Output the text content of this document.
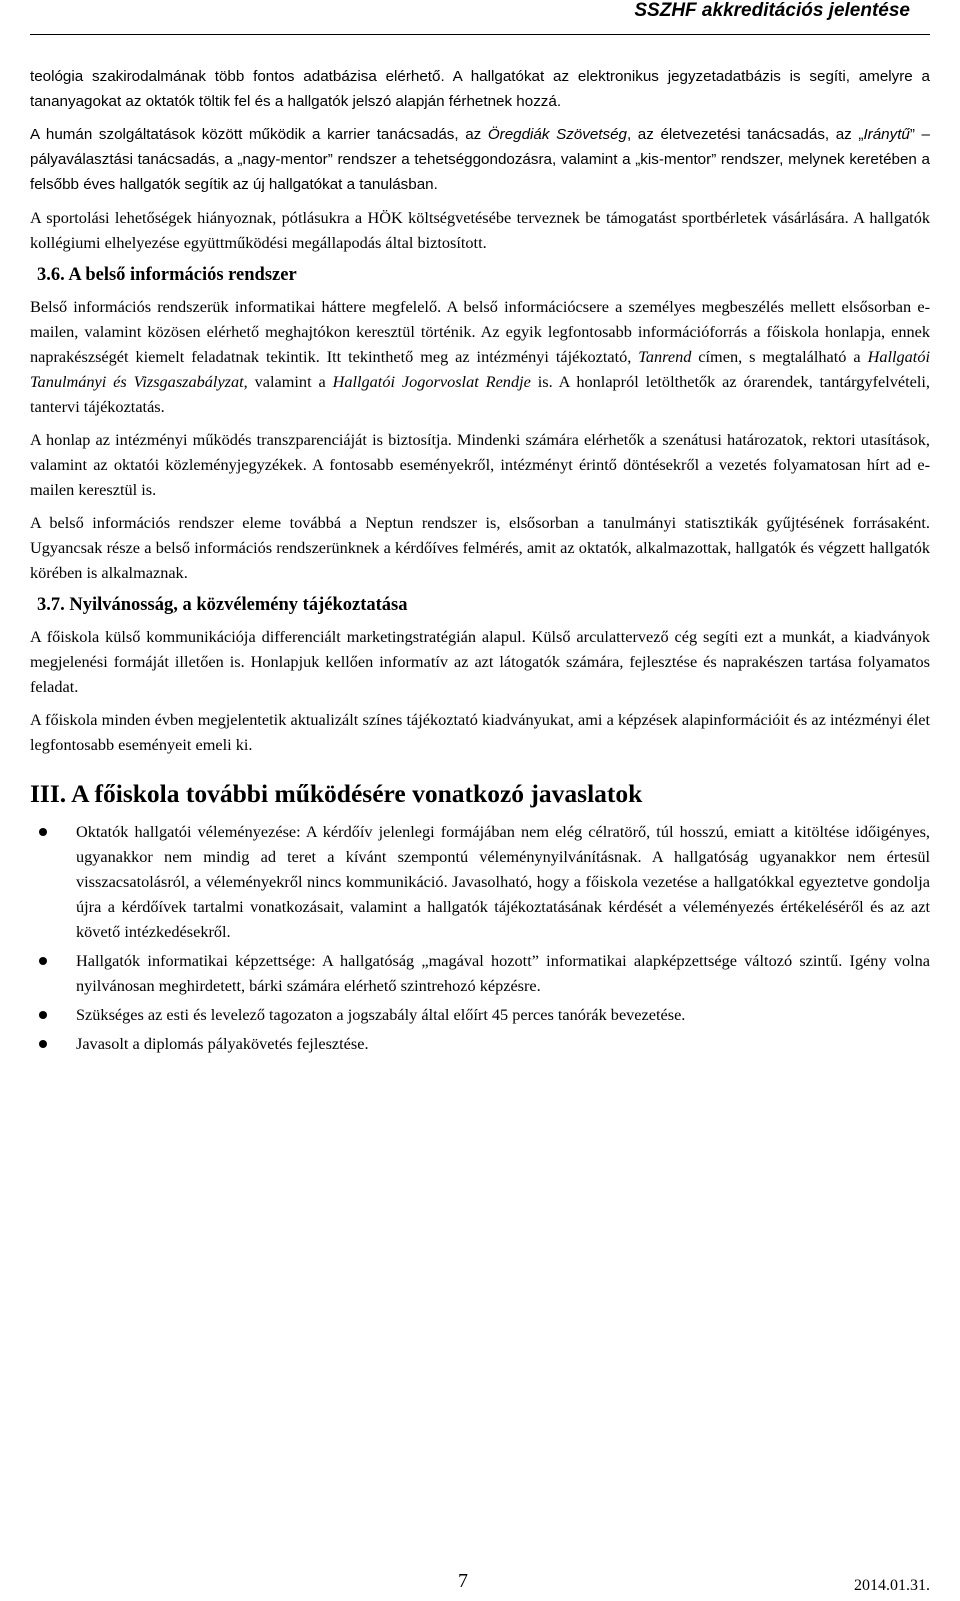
SSZHF akkreditációs jelentése

teológia szakirodalmának több fontos adatbázisa elérhető. A hallgatókat az elektronikus jegyzetadatbázis is segíti, amelyre a tananyagokat az oktatók töltik fel és a hallgatók jelszó alapján férhetnek hozzá.

A humán szolgáltatások között működik a karrier tanácsadás, az Öregdiák Szövetség, az életvezetési tanácsadás, az „Iránytű” – pályaválasztási tanácsadás, a „nagy-mentor” rendszer a tehetséggondozásra, valamint a „kis-mentor” rendszer, melynek keretében a felsőbb éves hallgatók segítik az új hallgatókat a tanulásban.

A sportolási lehetőségek hiányoznak, pótlásukra a HÖK költségvetésébe terveznek be támogatást sportbérletek vásárlására. A hallgatók kollégiumi elhelyezése együttműködési megállapodás által biztosított.

3.6. A belső információs rendszer

Belső információs rendszerük informatikai háttere megfelelő. A belső információcsere a személyes megbeszélés mellett elsősorban e-mailen, valamint közösen elérhető meghajtókon keresztül történik. Az egyik legfontosabb információforrás a főiskola honlapja, ennek naprakészségét kiemelt feladatnak tekintik. Itt tekinthető meg az intézményi tájékoztató, Tanrend címen, s megtalálható a Hallgatói Tanulmányi és Vizsgaszabályzat, valamint a Hallgatói Jogorvoslat Rendje is. A honlapról letölthetők az órarendek, tantárgyfelvételi, tantervi tájékoztatás.

A honlap az intézményi működés transzparenciáját is biztosítja. Mindenki számára elérhetők a szenátusi határozatok, rektori utasítások, valamint az oktatói közleményjegyzékek. A fontosabb eseményekről, intézményt érintő döntésekről a vezetés folyamatosan hírt ad e-mailen keresztül is.

A belső információs rendszer eleme továbbá a Neptun rendszer is, elsősorban a tanulmányi statisztikák gyűjtésének forrásaként. Ugyancsak része a belső információs rendszerünknek a kérdőíves felmérés, amit az oktatók, alkalmazottak, hallgatók és végzett hallgatók körében is alkalmaznak.

3.7. Nyilvánosság, a közvélemény tájékoztatása

A főiskola külső kommunikációja differenciált marketingstratégián alapul. Külső arculattervező cég segíti ezt a munkát, a kiadványok megjelenési formáját illetően is. Honlapjuk kellően informatív az azt látogatók számára, fejlesztése és naprakészen tartása folyamatos feladat.

A főiskola minden évben megjelentetik aktualizált színes tájékoztató kiadványukat, ami a képzések alapinformációit és az intézményi élet legfontosabb eseményeit emeli ki.

III. A főiskola további működésére vonatkozó javaslatok
Oktatók hallgatói véleményezése: A kérdőív jelenlegi formájában nem elég célratörő, túl hosszú, emiatt a kitöltése időigényes, ugyanakkor nem mindig ad teret a kívánt szempontú véleménynyilvánításnak. A hallgatóság ugyanakkor nem értesül visszacsatolásról, a véleményekről nincs kommunikáció. Javasolható, hogy a főiskola vezetése a hallgatókkal egyeztetve gondolja újra a kérdőívek tartalmi vonatkozásait, valamint a hallgatók tájékoztatásának kérdését a véleményezés értékeléséről és az azt követő intézkedésekről.
Hallgatók informatikai képzettsége: A hallgatóság „magával hozott” informatikai alapképzettsége változó szintű. Igény volna nyilvánosan meghirdetett, bárki számára elérhető szintrehozó képzésre.
Szükséges az esti és levelező tagozaton a jogszabály által előírt 45 perces tanórák bevezetése.
Javasolt a diplomás pályakövetés fejlesztése.
7	2014.01.31.
